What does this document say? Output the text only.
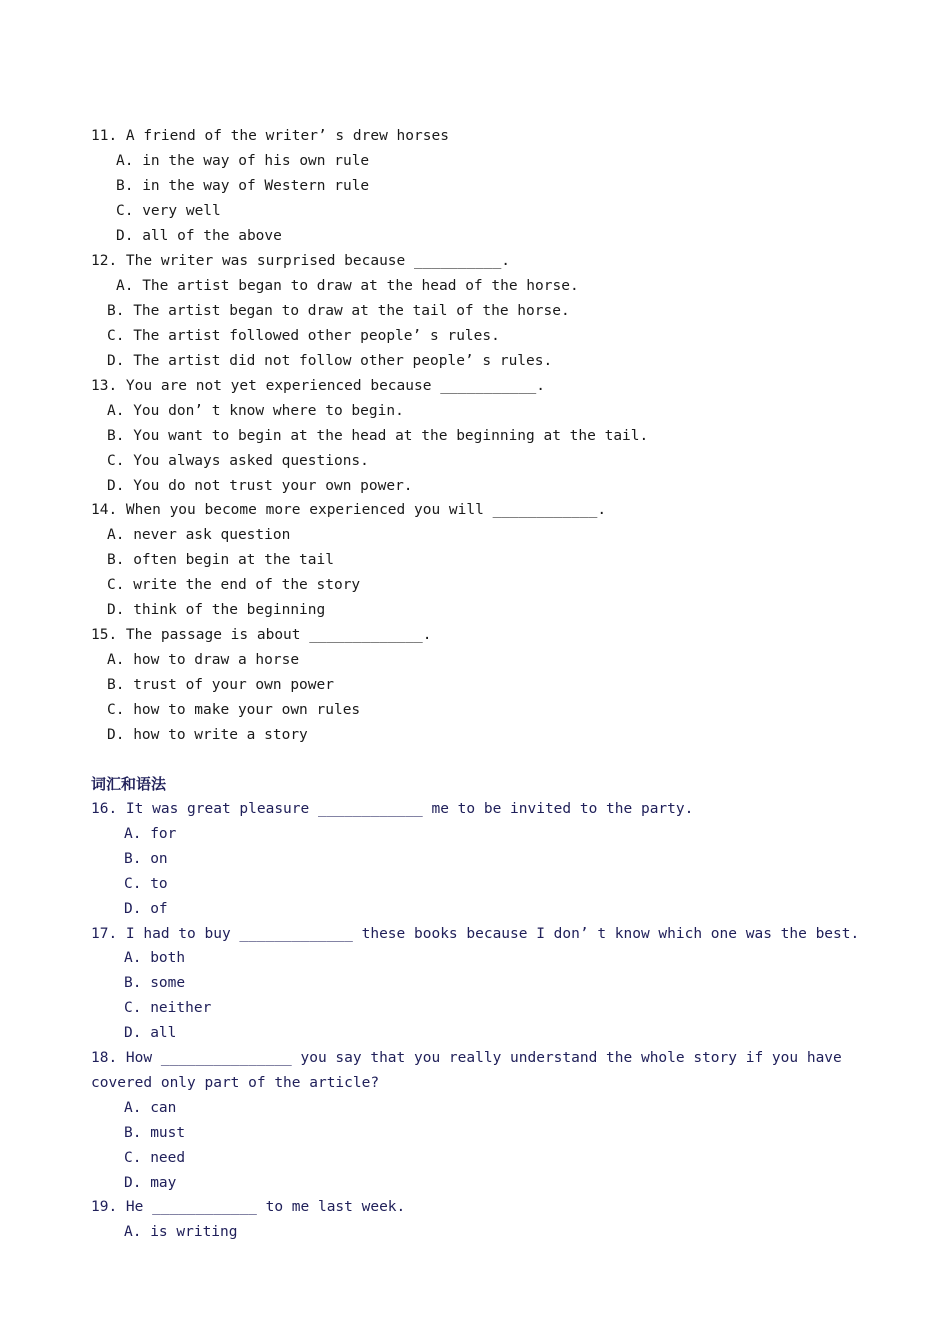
11. A friend of the writer’ s drew horses
A. in the way of his own rule
B. in the way of Western rule
C. very well
D. all of the above
12. The writer was surprised because __________.
A. The artist began to draw at the head of the horse.
B. The artist began to draw at the tail of the horse.
C. The artist followed other people’ s rules.
D. The artist did not follow other people’ s rules.
13. You are not yet experienced because ___________.
A. You don’ t know where to begin.
B. You want to begin at the head at the beginning at the tail.
C. You always asked questions.
D. You do not trust your own power.
14. When you become more experienced you will ____________.
A. never ask question
B. often begin at the tail
C. write the end of the story
D. think of the beginning
15. The passage is about _____________.
A. how to draw a horse
B. trust of your own power
C. how to make your own rules
D. how to write a story
词汇和语法
16. It was great pleasure ____________ me to be invited to the party.
A. for
B. on
C. to
D. of
17. I had to buy _____________ these books because I don’ t know which one was the best.
A. both
B. some
C. neither
D. all
18. How _______________ you say that you really understand the whole story if you have
covered only part of the article?
A. can
B. must
C. need
D. may
19. He ____________ to me last week.
A. is writing
